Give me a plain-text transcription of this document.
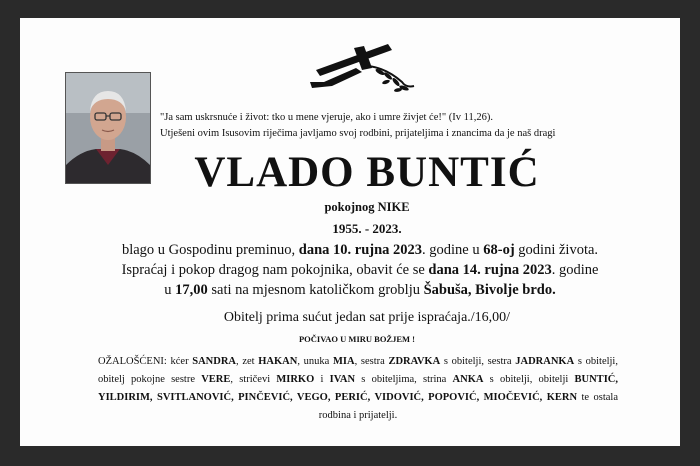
"Ja sam uskrsnuće i život: tko u mene vjeruje, ako i umre živjet će!" (Iv 11,26).
Utješeni ovim Isusovim riječima javljamo svoj rodbini, prijateljima i znancima da je naš dragi
VLADO BUNTIĆ
pokojnog NIKE
1955. - 2023.
blago u Gospodinu preminuo, dana 10. rujna 2023. godine u 68-oj godini života.
Ispraćaj i pokop dragog nam pokojnika, obavit će se dana 14. rujna 2023. godine
u 17,00 sati na mjesnom katoličkom groblju Šabuša, Bivolje brdo.
Obitelj prima sućut jedan sat prije ispraćaja./16,00/
POČIVAO U MIRU BOŽJEM !
OŽALOŠĆENI: kćer SANDRA, zet HAKAN, unuka MIA, sestra ZDRAVKA s obitelji, sestra JADRANKA s obitelji, obitelj pokojne sestre VERE, stričevi MIRKO i IVAN s obiteljima, strina ANKA s obitelji, obitelji BUNTIĆ, YILDIRIM, SVITLANOVIĆ, PINČEVIĆ, VEGO, PERIĆ, VIDOVIĆ, POPOVIĆ, MIOČEVIĆ, KERN te ostala rodbina i prijatelji.
